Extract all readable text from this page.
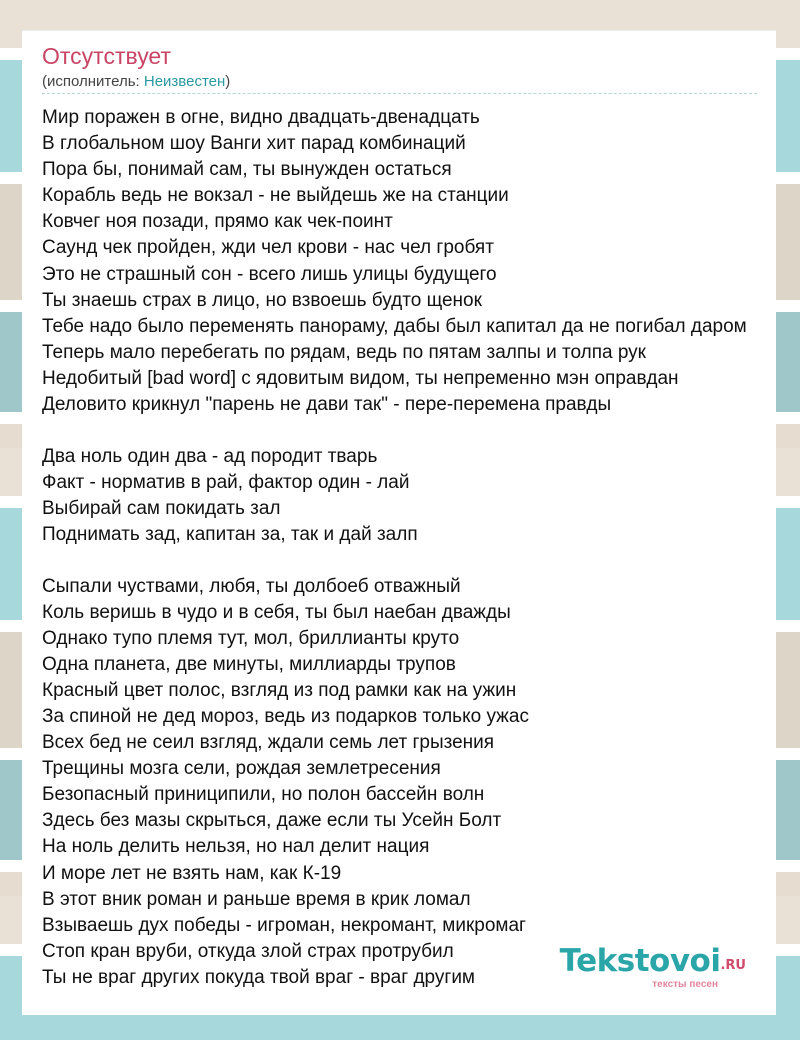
Отсутствует
(исполнитель: Неизвестен)
Мир поражен в огне, видно двадцать-двенадцать
В глобальном шоу Ванги хит парад комбинаций
Пора бы, понимай сам, ты вынужден остаться
Корабль ведь не вокзал - не выйдешь же на станции
Ковчег ноя позади, прямо как чек-поинт
Саунд чек пройден, жди чел крови - нас чел гробят
Это не страшный сон - всего лишь улицы будущего
Ты знаешь страх в лицо, но взвоешь будто щенок
Тебе надо было переменять панораму, дабы был капитал да не погибал даром
Теперь мало перебегать по рядам, ведь по пятам залпы и толпа рук
Недобитый [bad word] с ядовитым видом, ты непременно мэн оправдан
Деловито крикнул "парень не дави так" - пере-перемена правды
Два ноль один два - ад породит тварь
Факт - норматив в рай, фактор один - лай
Выбирай сам покидать зал
Поднимать зад, капитан за, так и дай залп
Сыпали чуствами, любя, ты долбоеб отважный
Коль веришь в чудо и в себя, ты был наебан дважды
Однако тупо племя тут, мол, бриллианты круто
Одна планета, две минуты, миллиарды трупов
Красный цвет полос, взгляд из под рамки как на ужин
За спиной не дед мороз, ведь из подарков только ужас
Всех бед не сеил взгляд, ждали семь лет грызения
Трещины мозга сели, рождая землетресения
Безопасный приниципили, но полон бассейн волн
Здесь без мазы скрыться, даже если ты Усейн Болт
На ноль делить нельзя, но нал делит нация
И море лет не взять нам, как К-19
В этот вник роман и раньше время в крик ломал
Взываешь дух победы - игроман, некромант, микромаг
Стоп кран вруби, откуда злой страх протрубил
Ты не враг других покуда твой враг - враг другим	Tekstovoi.RU
тексты песен
